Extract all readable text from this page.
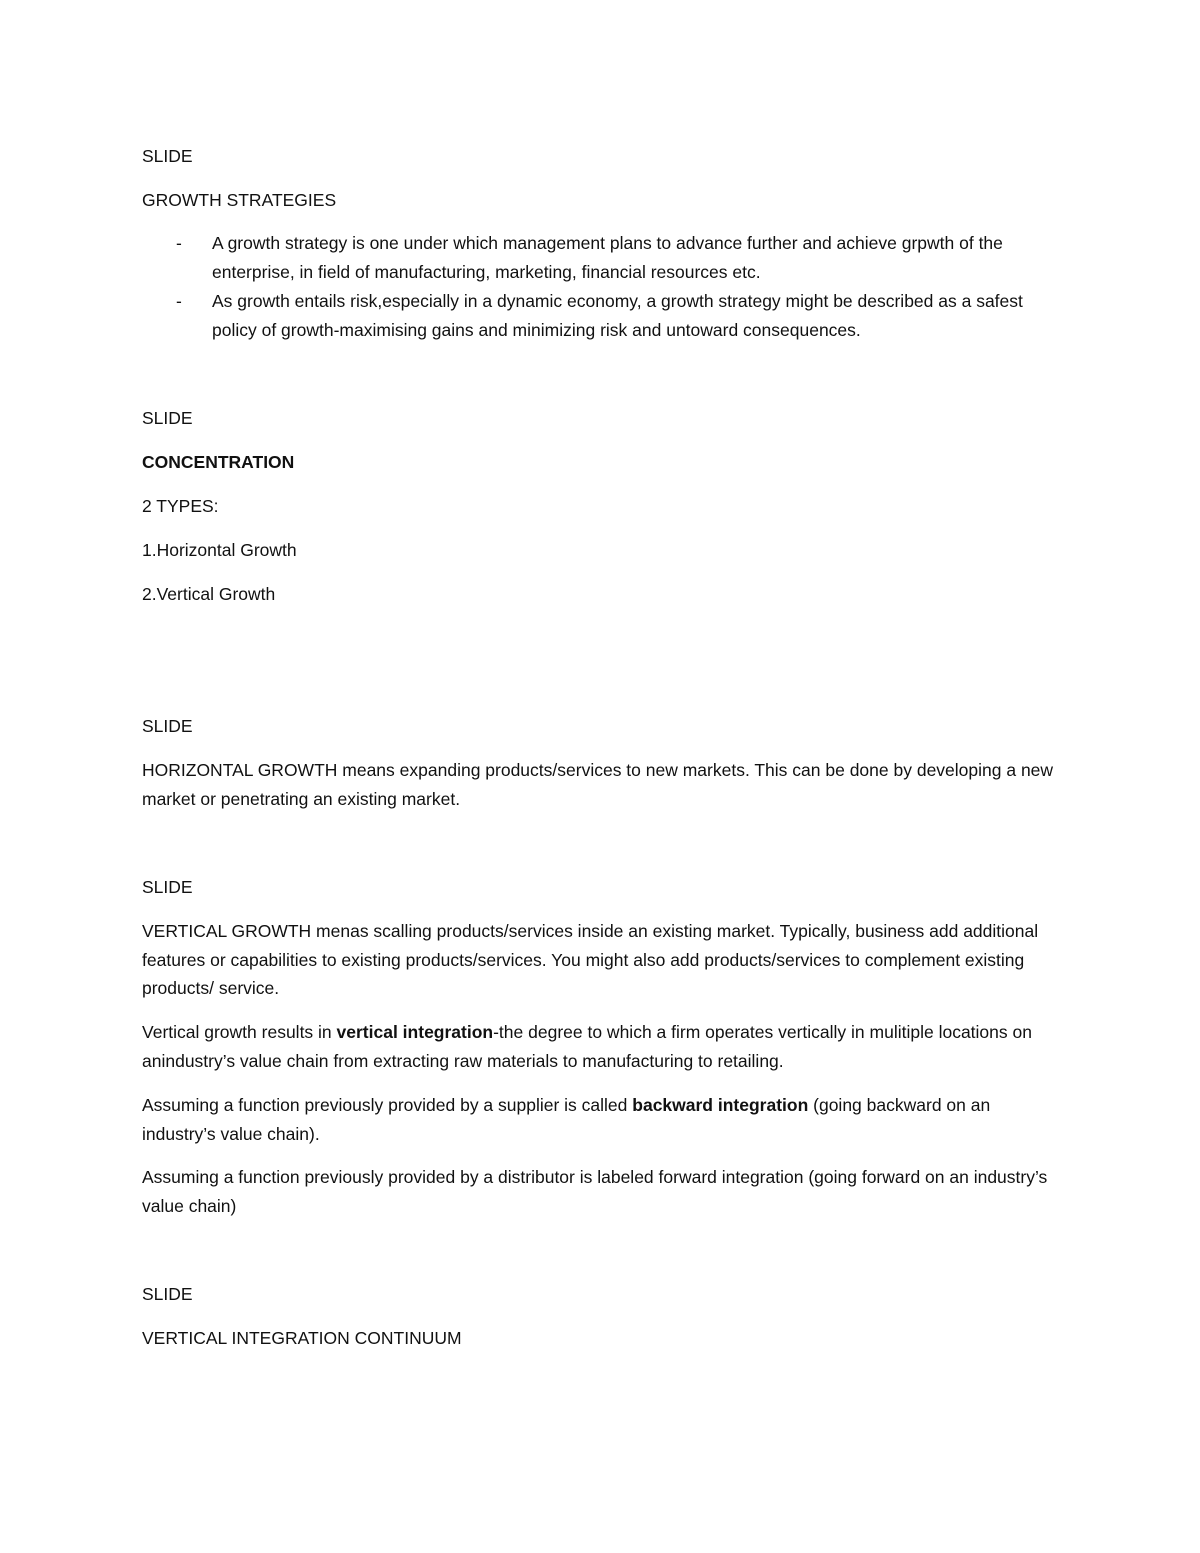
SLIDE
GROWTH STRATEGIES
- A growth strategy is one under which management plans to advance further and achieve grpwth of the enterprise, in field of manufacturing, marketing, financial resources etc.
- As growth entails risk,especially in a dynamic economy, a growth strategy might be described as a safest policy of growth-maximising gains and minimizing risk and untoward consequences.
SLIDE
CONCENTRATION
2 TYPES:
1.Horizontal Growth
2.Vertical Growth
SLIDE
HORIZONTAL GROWTH means expanding products/services to new markets. This can be done by developing a new market or penetrating an existing market.
SLIDE
VERTICAL GROWTH menas scalling products/services inside an existing market. Typically, business add additional features or capabilities to existing products/services. You might also add products/services to complement existing products/ service.
Vertical growth results in vertical integration-the degree to which a firm operates vertically in mulitiple locations on anindustry’s value chain from extracting raw materials to manufacturing to retailing.
Assuming a function previously provided by a supplier is called backward integration (going backward on an industry’s value chain).
Assuming a function previously provided by a distributor is labeled forward integration (going forward on an industry’s value chain)
SLIDE
VERTICAL INTEGRATION CONTINUUM
